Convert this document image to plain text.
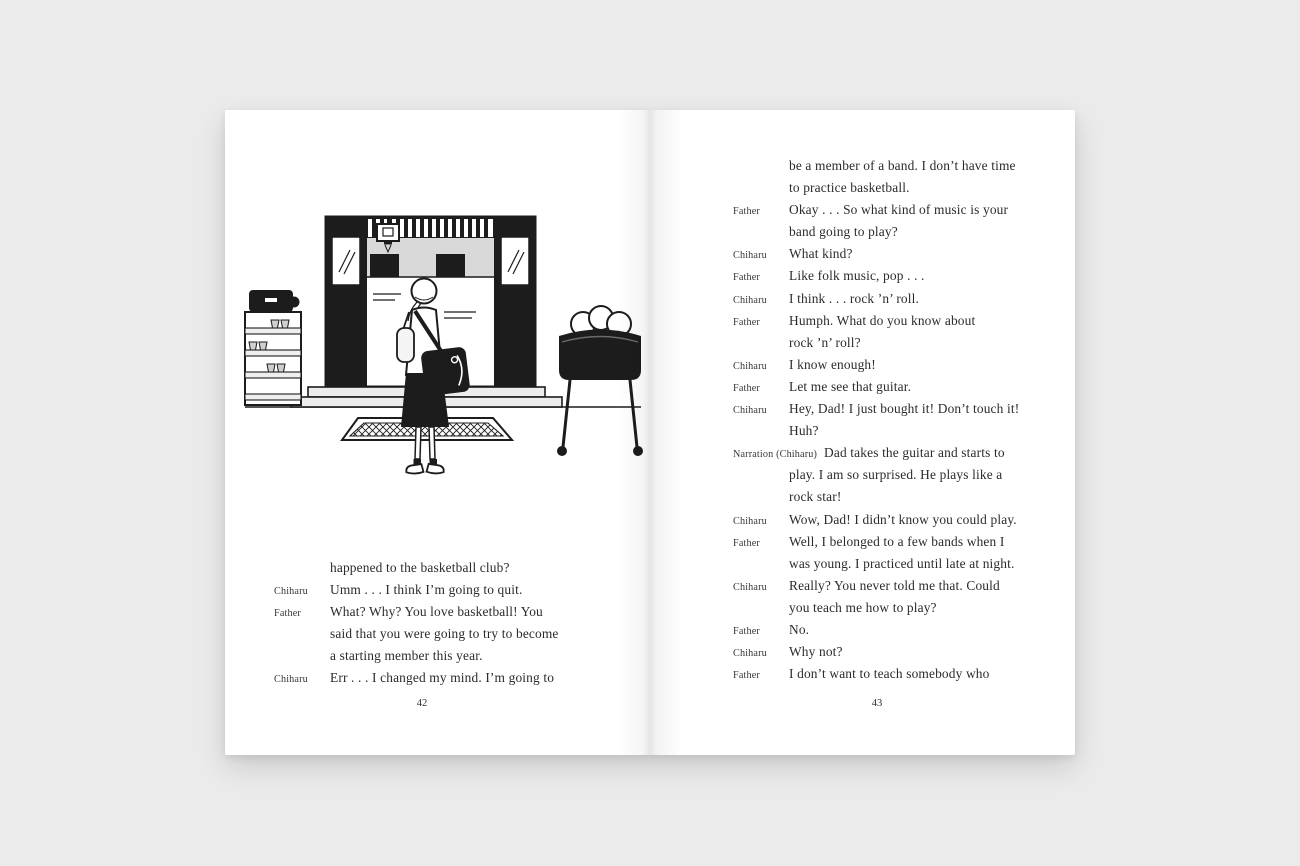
happened to the basketball club?
Chiharu Umm . . . I think I’m going to quit.
Father What? Why? You love basketball! You
said that you were going to try to become
a starting member this year.
Chiharu Err . . . I changed my mind. I’m going to
42
be a member of a band. I don’t have time
to practice basketball.
Father Okay . . . So what kind of music is your
band going to play?
Chiharu What kind?
Father Like folk music, pop . . .
Chiharu I think . . . rock ’n’ roll.
Father Humph. What do you know about
rock ’n’ roll?
Chiharu I know enough!
Father Let me see that guitar.
Chiharu Hey, Dad! I just bought it! Don’t touch it!
Huh?
Narration (Chiharu) Dad takes the guitar and starts to
play. I am so surprised. He plays like a
rock star!
Chiharu Wow, Dad! I didn’t know you could play.
Father Well, I belonged to a few bands when I
was young. I practiced until late at night.
Chiharu Really? You never told me that. Could
you teach me how to play?
Father No.
Chiharu Why not?
Father I don’t want to teach somebody who
43
